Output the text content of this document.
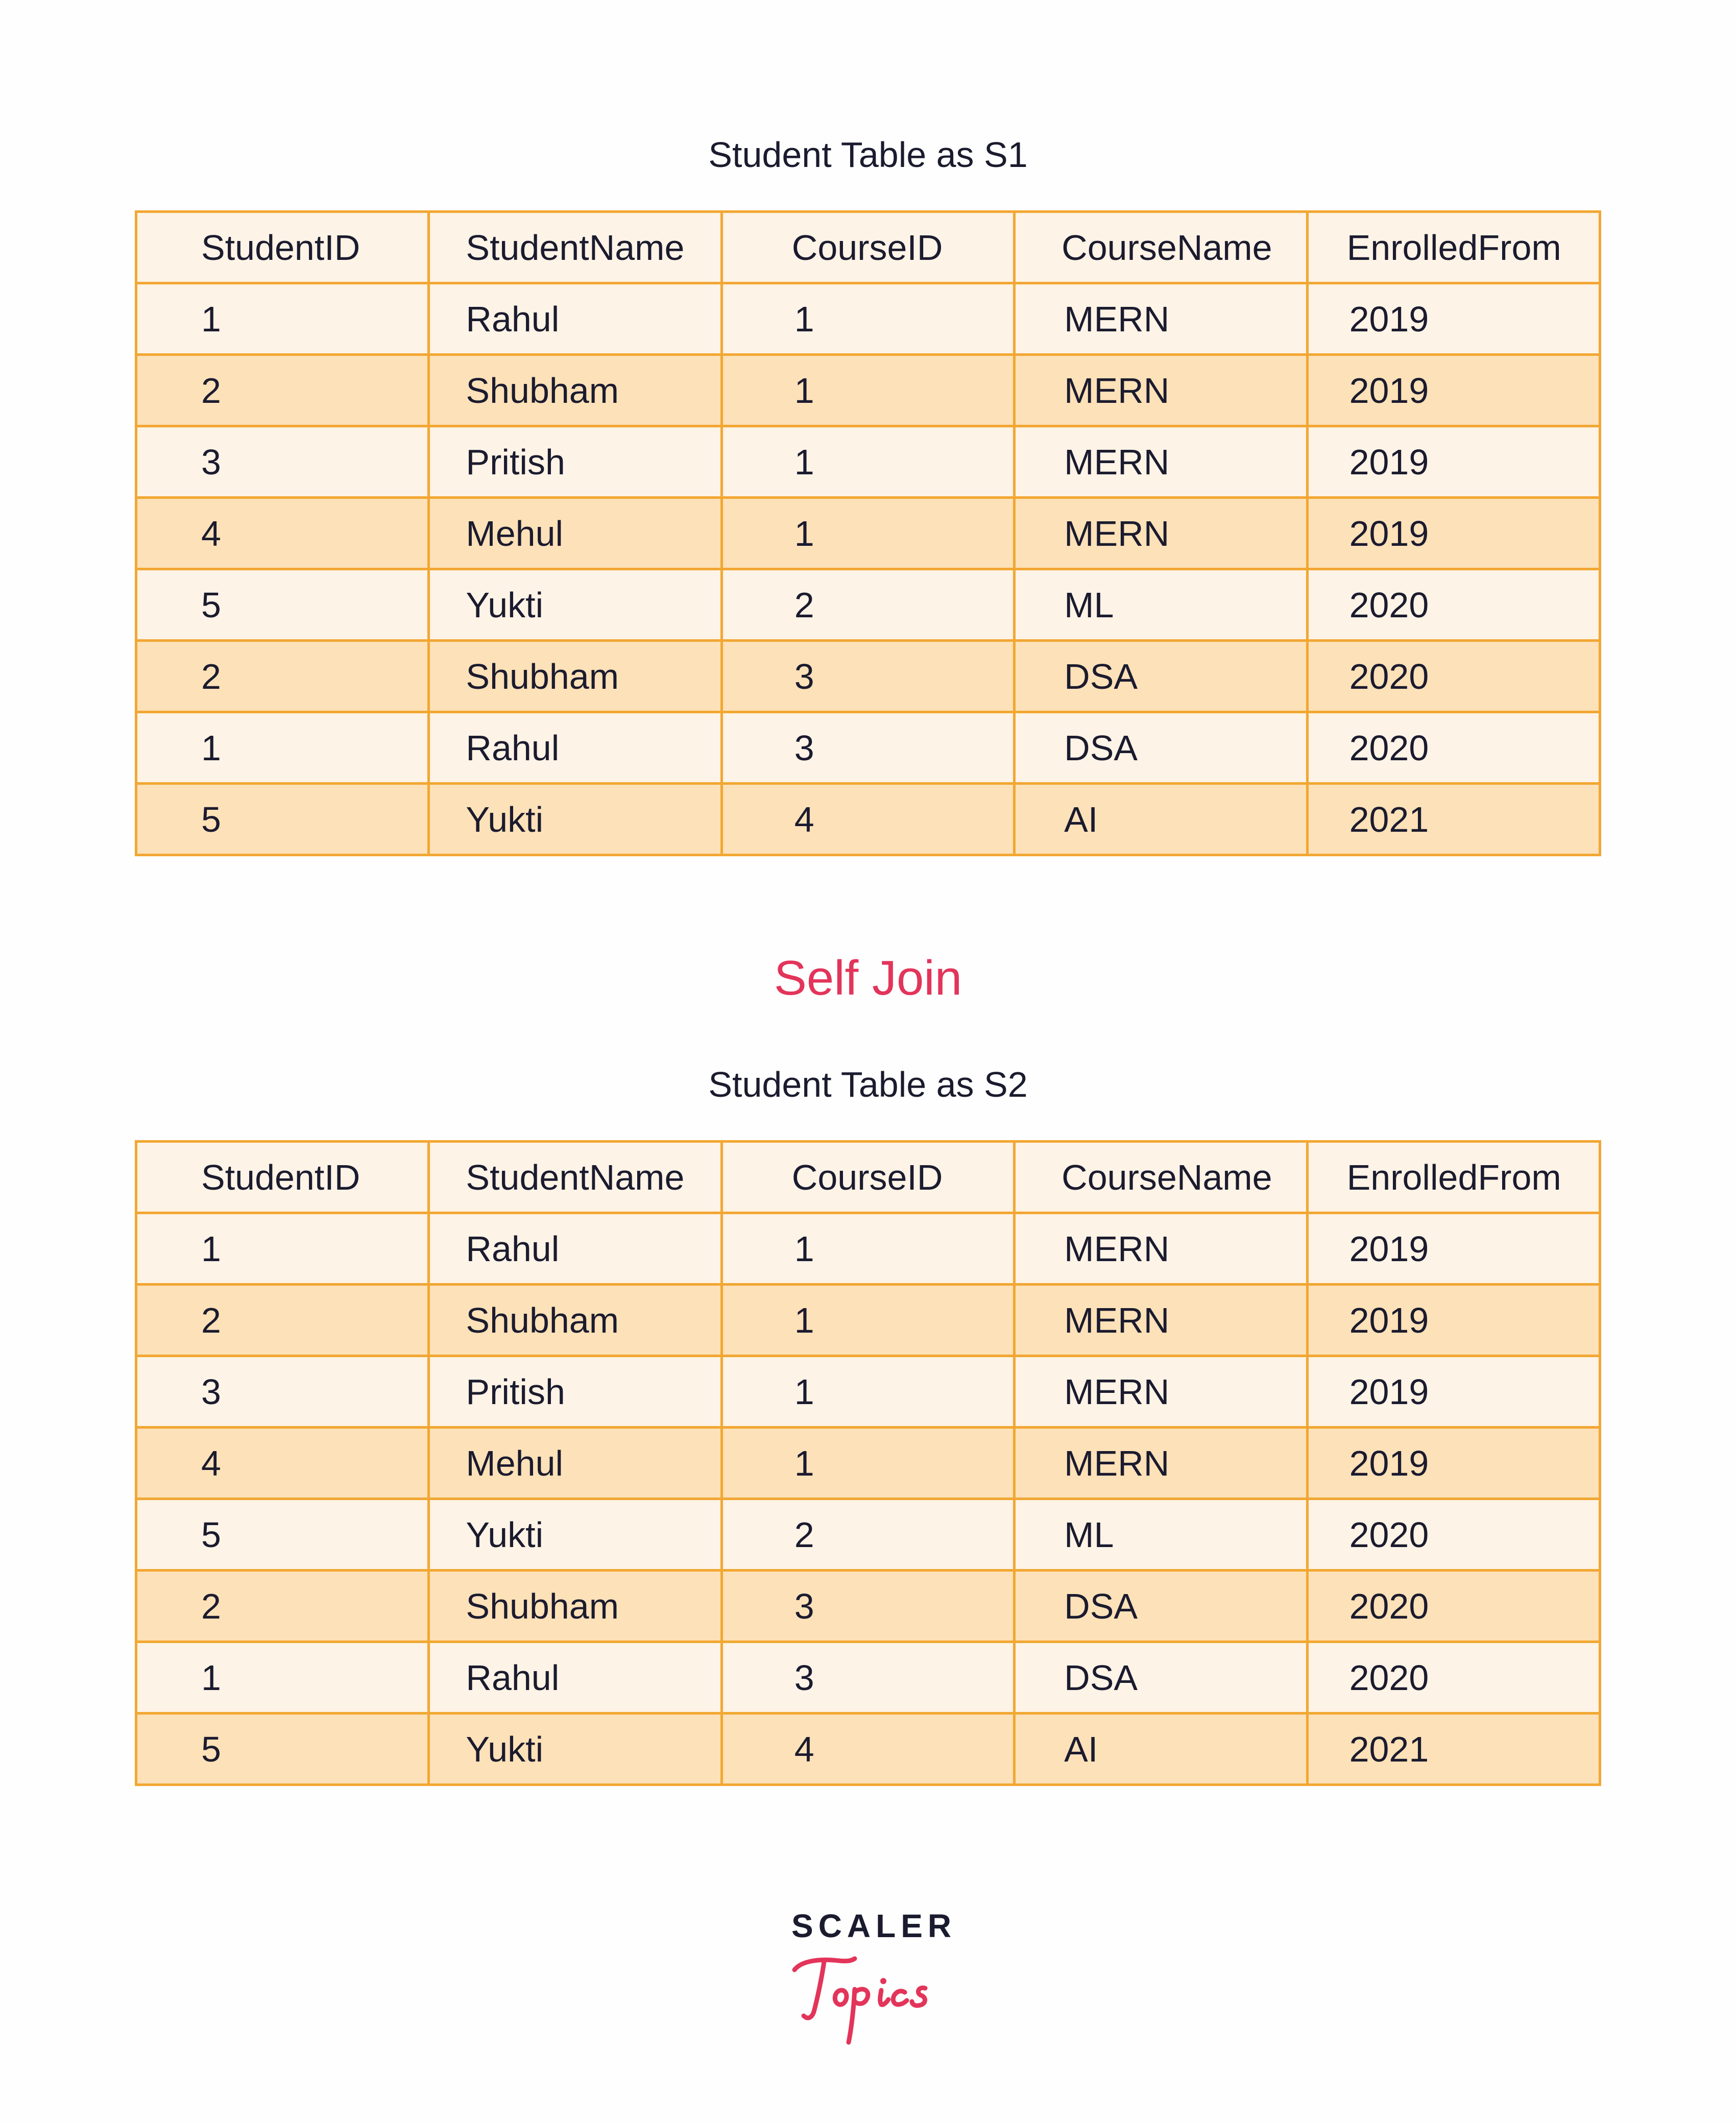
Student Table as S1
StudentID	StudentName	CourseID	CourseName	EnrolledFrom
1	Rahul	1	MERN	2019
2	Shubham	1	MERN	2019
3	Pritish	1	MERN	2019
4	Mehul	1	MERN	2019
5	Yukti	2	ML	2020
2	Shubham	3	DSA	2020
1	Rahul	3	DSA	2020
5	Yukti	4	AI	2021
Self Join
Student Table as S2
StudentID	StudentName	CourseID	CourseName	EnrolledFrom
1	Rahul	1	MERN	2019
2	Shubham	1	MERN	2019
3	Pritish	1	MERN	2019
4	Mehul	1	MERN	2019
5	Yukti	2	ML	2020
2	Shubham	3	DSA	2020
1	Rahul	3	DSA	2020
5	Yukti	4	AI	2021
SCALER
